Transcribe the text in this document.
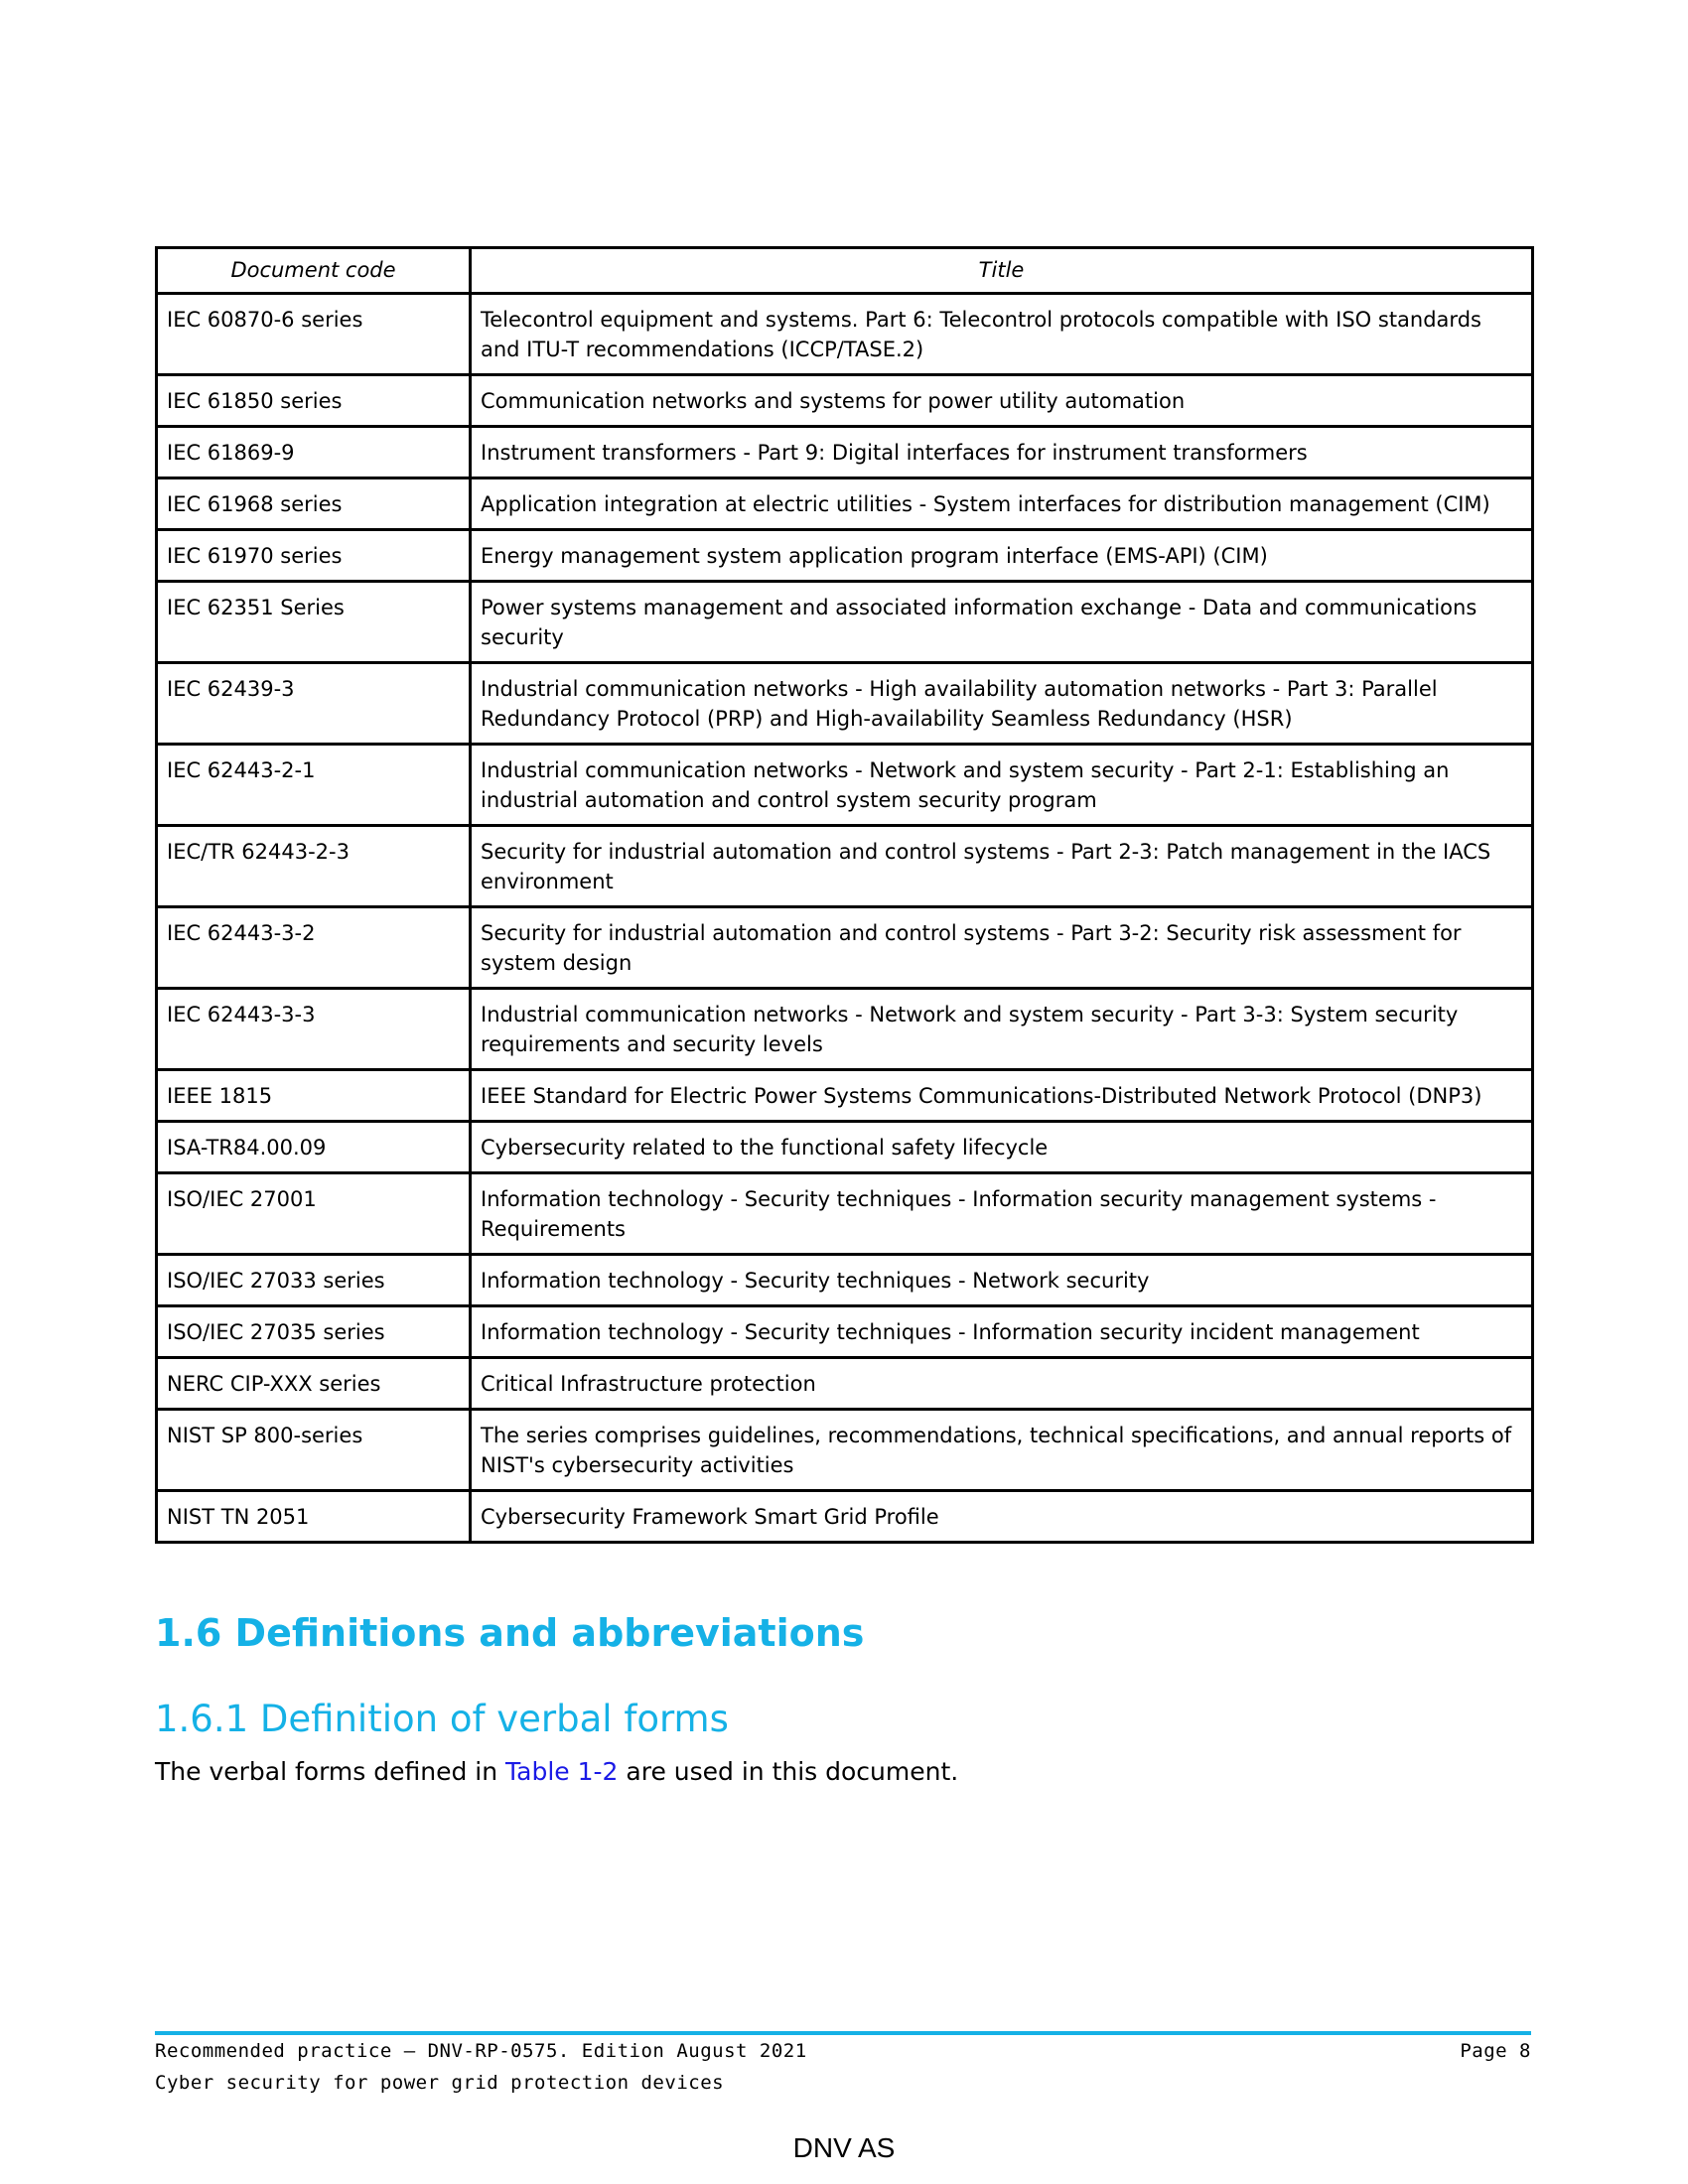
Document code	Title
IEC 60870-6 series	Telecontrol equipment and systems. Part 6: Telecontrol protocols compatible with ISO standards and ITU-T recommendations (ICCP/TASE.2)
IEC 61850 series	Communication networks and systems for power utility automation
IEC 61869-9	Instrument transformers - Part 9: Digital interfaces for instrument transformers
IEC 61968 series	Application integration at electric utilities - System interfaces for distribution management (CIM)
IEC 61970 series	Energy management system application program interface (EMS-API) (CIM)
IEC 62351 Series	Power systems management and associated information exchange - Data and communications security
IEC 62439-3	Industrial communication networks - High availability automation networks - Part 3: Parallel Redundancy Protocol (PRP) and High-availability Seamless Redundancy (HSR)
IEC 62443-2-1	Industrial communication networks - Network and system security - Part 2-1: Establishing an industrial automation and control system security program
IEC/TR 62443-2-3	Security for industrial automation and control systems - Part 2-3: Patch management in the IACS environment
IEC 62443-3-2	Security for industrial automation and control systems - Part 3-2: Security risk assessment for system design
IEC 62443-3-3	Industrial communication networks - Network and system security - Part 3-3: System security requirements and security levels
IEEE 1815	IEEE Standard for Electric Power Systems Communications-Distributed Network Protocol (DNP3)
ISA-TR84.00.09	Cybersecurity related to the functional safety lifecycle
ISO/IEC 27001	Information technology - Security techniques - Information security management systems - Requirements
ISO/IEC 27033 series	Information technology - Security techniques - Network security
ISO/IEC 27035 series	Information technology - Security techniques - Information security incident management
NERC CIP-XXX series	Critical Infrastructure protection
NIST SP 800-series	The series comprises guidelines, recommendations, technical specifications, and annual reports of NIST's cybersecurity activities
NIST TN 2051	Cybersecurity Framework Smart Grid Profile
1.6 Definitions and abbreviations
1.6.1 Definition of verbal forms

The verbal forms defined in Table 1-2 are used in this document.

Recommended practice — DNV-RP-0575. Edition August 2021
Cyber security for power grid protection devices
Page 8
DNV AS
